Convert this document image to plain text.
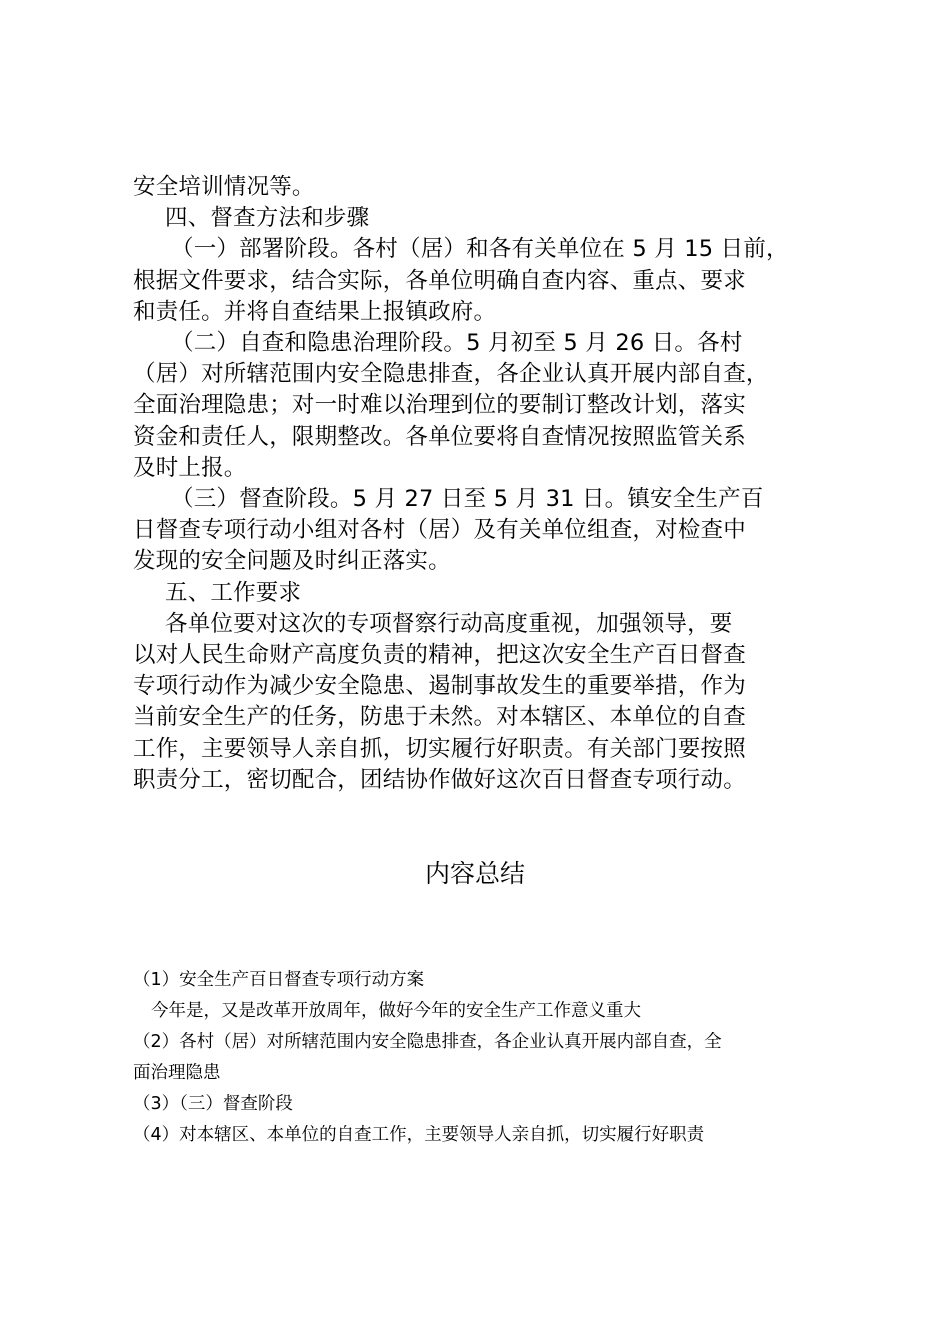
安全培训情况等。

四、督查方法和步骤

（一）部署阶段。各村（居）和各有关单位在 5 月 15 日前，

根据文件要求，结合实际，各单位明确自查内容、重点、要求

和责任。并将自查结果上报镇政府。

（二）自查和隐患治理阶段。5 月初至 5 月 26 日。各村

（居）对所辖范围内安全隐患排查，各企业认真开展内部自查，

全面治理隐患；对一时难以治理到位的要制订整改计划，落实

资金和责任人，限期整改。各单位要将自查情况按照监管关系

及时上报。

（三）督查阶段。5 月 27 日至 5 月 31 日。镇安全生产百

日督查专项行动小组对各村（居）及有关单位组查，对检查中

发现的安全问题及时纠正落实。

五、工作要求

各单位要对这次的专项督察行动高度重视，加强领导，要

以对人民生命财产高度负责的精神，把这次安全生产百日督查

专项行动作为减少安全隐患、遏制事故发生的重要举措，作为

当前安全生产的任务，防患于未然。对本辖区、本单位的自查

工作，主要领导人亲自抓，切实履行好职责。有关部门要按照

职责分工，密切配合，团结协作做好这次百日督查专项行动。

内容总结

（1）安全生产百日督查专项行动方案

今年是，又是改革开放周年，做好今年的安全生产工作意义重大

（2）各村（居）对所辖范围内安全隐患排查，各企业认真开展内部自查，全

面治理隐患

（3）（三）督查阶段

（4）对本辖区、本单位的自查工作，主要领导人亲自抓，切实履行好职责
